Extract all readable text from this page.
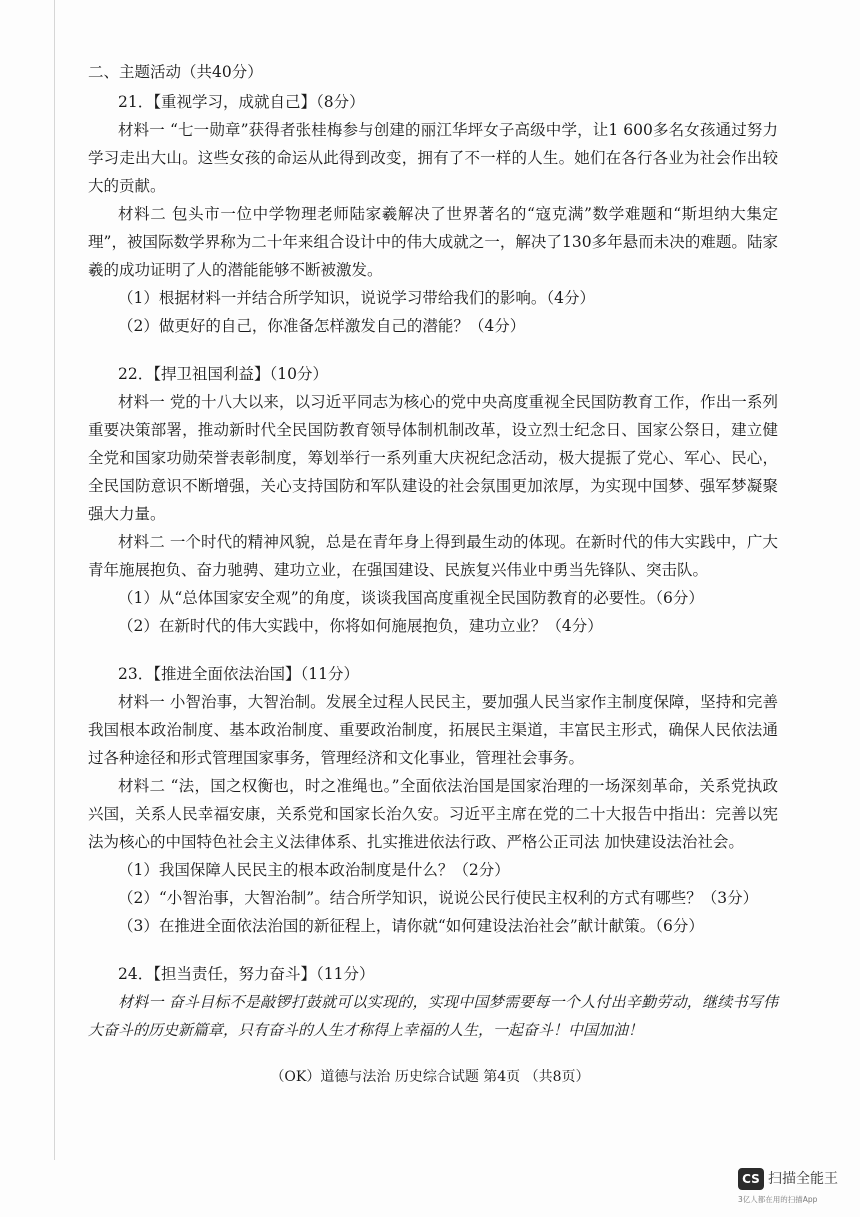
二、主题活动（共40分）
21．【重视学习，成就自己】（8分）

材料一 “七一勋章”获得者张桂梅参与创建的丽江华坪女子高级中学，让1 600多名女孩通过努力学习走出大山。这些女孩的命运从此得到改变，拥有了不一样的人生。她们在各行各业为社会作出较大的贡献。

材料二 包头市一位中学物理老师陆家羲解决了世界著名的“寇克满”数学难题和“斯坦纳大集定理”，被国际数学界称为二十年来组合设计中的伟大成就之一，解决了130多年悬而未决的难题。陆家羲的成功证明了人的潜能能够不断被激发。

（1）根据材料一并结合所学知识，说说学习带给我们的影响。（4分）

（2）做更好的自己，你准备怎样激发自己的潜能？（4分）

22．【捍卫祖国利益】（10分）

材料一 党的十八大以来，以习近平同志为核心的党中央高度重视全民国防教育工作，作出一系列重要决策部署，推动新时代全民国防教育领导体制机制改革，设立烈士纪念日、国家公祭日，建立健全党和国家功勋荣誉表彰制度，筹划举行一系列重大庆祝纪念活动，极大提振了党心、军心、民心，全民国防意识不断增强，关心支持国防和军队建设的社会氛围更加浓厚，为实现中国梦、强军梦凝聚强大力量。

材料二 一个时代的精神风貌，总是在青年身上得到最生动的体现。在新时代的伟大实践中，广大青年施展抱负、奋力驰骋、建功立业，在强国建设、民族复兴伟业中勇当先锋队、突击队。

（1）从“总体国家安全观”的角度，谈谈我国高度重视全民国防教育的必要性。（6分）

（2）在新时代的伟大实践中，你将如何施展抱负，建功立业？（4分）

23．【推进全面依法治国】（11分）

材料一 小智治事，大智治制。发展全过程人民民主，要加强人民当家作主制度保障，坚持和完善我国根本政治制度、基本政治制度、重要政治制度，拓展民主渠道，丰富民主形式，确保人民依法通过各种途径和形式管理国家事务，管理经济和文化事业，管理社会事务。

材料二 “法，国之权衡也，时之准绳也。”全面依法治国是国家治理的一场深刻革命，关系党执政兴国，关系人民幸福安康，关系党和国家长治久安。习近平主席在党的二十大报告中指出：完善以宪法为核心的中国特色社会主义法律体系、扎实推进依法行政、严格公正司法 加快建设法治社会。

（1）我国保障人民民主的根本政治制度是什么？（2分）

（2）“小智治事，大智治制”。结合所学知识，说说公民行使民主权利的方式有哪些？（3分）

（3）在推进全面依法治国的新征程上，请你就“如何建设法治社会”献计献策。（6分）

24．【担当责任，努力奋斗】（11分）

材料一 奋斗目标不是敲锣打鼓就可以实现的，实现中国梦需要每一个人付出辛勤劳动，继续书写伟大奋斗的历史新篇章，只有奋斗的人生才称得上幸福的人生，一起奋斗！中国加油！

（OK）道德与法治 历史综合试题 第4页 （共8页）
CS 扫描全能王
3亿人都在用的扫描App
